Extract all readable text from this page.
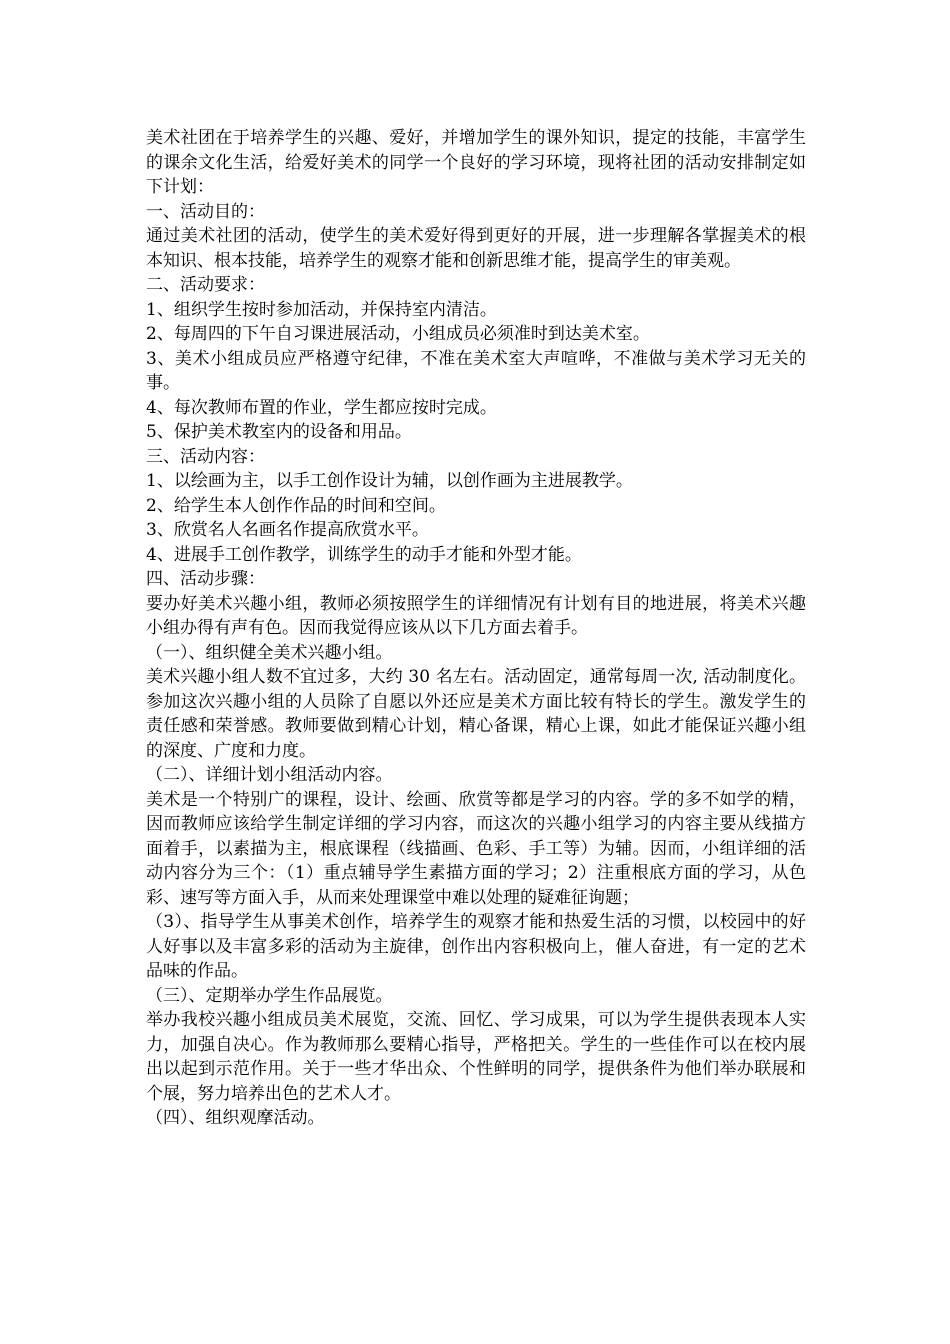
美术社团在于培养学生的兴趣、爱好，并增加学生的课外知识，提定的技能，丰富学生的课余文化生活，给爱好美术的同学一个良好的学习环境，现将社团的活动安排制定如下计划：

一、活动目的：

通过美术社团的活动，使学生的美术爱好得到更好的开展，进一步理解各掌握美术的根本知识、根本技能，培养学生的观察才能和创新思维才能，提高学生的审美观。

二、活动要求：

1、组织学生按时参加活动，并保持室内清洁。

2、每周四的下午自习课进展活动，小组成员必须准时到达美术室。

3、美术小组成员应严格遵守纪律，不准在美术室大声喧哗，不准做与美术学习无关的事。

4、每次教师布置的作业，学生都应按时完成。

5、保护美术教室内的设备和用品。

三、活动内容：

1、以绘画为主，以手工创作设计为辅，以创作画为主进展教学。

2、给学生本人创作作品的时间和空间。

3、欣赏名人名画名作提高欣赏水平。

4、进展手工创作教学，训练学生的动手才能和外型才能。

四、活动步骤：

要办好美术兴趣小组，教师必须按照学生的详细情况有计划有目的地进展，将美术兴趣小组办得有声有色。因而我觉得应该从以下几方面去着手。

（一）、组织健全美术兴趣小组。

美术兴趣小组人数不宜过多，大约 30 名左右。活动固定，通常每周一次, 活动制度化。参加这次兴趣小组的人员除了自愿以外还应是美术方面比较有特长的学生。激发学生的责任感和荣誉感。教师要做到精心计划，精心备课，精心上课，如此才能保证兴趣小组的深度、广度和力度。

（二）、详细计划小组活动内容。

美术是一个特别广的课程，设计、绘画、欣赏等都是学习的内容。学的多不如学的精，因而教师应该给学生制定详细的学习内容，而这次的兴趣小组学习的内容主要从线描方面着手，以素描为主，根底课程（线描画、色彩、手工等）为辅。因而，小组详细的活动内容分为三个：（1）重点辅导学生素描方面的学习；2）注重根底方面的学习，从色彩、速写等方面入手，从而来处理课堂中难以处理的疑难征询题；

（3）、指导学生从事美术创作，培养学生的观察才能和热爱生活的习惯，以校园中的好人好事以及丰富多彩的活动为主旋律，创作出内容积极向上，催人奋进，有一定的艺术品味的作品。

（三）、定期举办学生作品展览。

举办我校兴趣小组成员美术展览，交流、回忆、学习成果，可以为学生提供表现本人实力，加强自决心。作为教师那么要精心指导，严格把关。学生的一些佳作可以在校内展出以起到示范作用。关于一些才华出众、个性鲜明的同学，提供条件为他们举办联展和个展，努力培养出色的艺术人才。

（四）、组织观摩活动。
